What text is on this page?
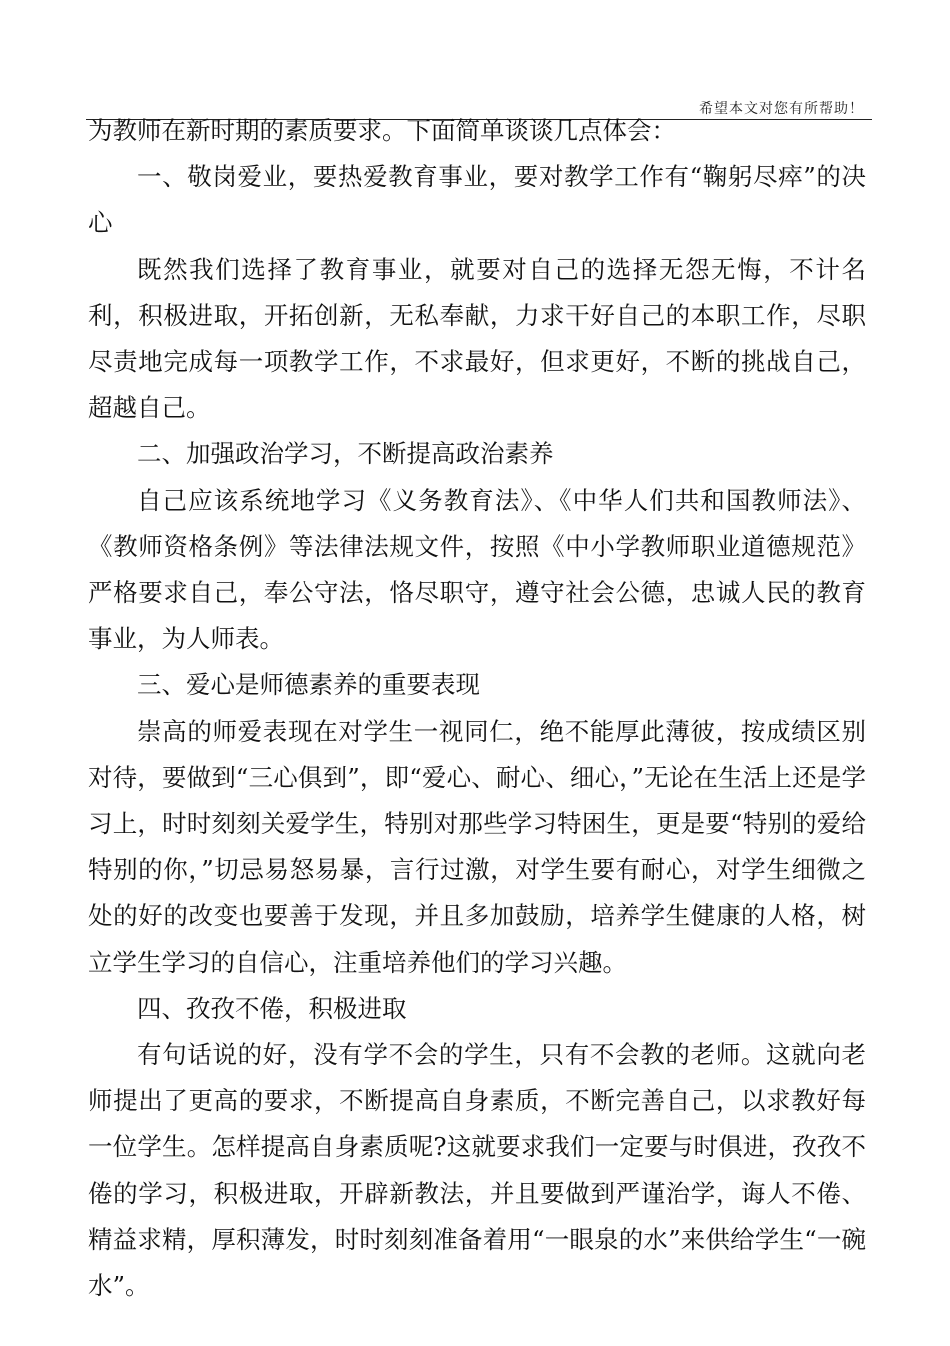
希望本文对您有所帮助！

为教师在新时期的素质要求。下面简单谈谈几点体会：

一、敬岗爱业，要热爱教育事业，要对教学工作有“鞠躬尽瘁”的决心

既然我们选择了教育事业，就要对自己的选择无怨无悔，不计名利，积极进取，开拓创新，无私奉献，力求干好自己的本职工作，尽职尽责地完成每一项教学工作，不求最好，但求更好，不断的挑战自己，超越自己。

二、加强政治学习，不断提高政治素养

自己应该系统地学习《义务教育法》、《中华人们共和国教师法》、《教师资格条例》等法律法规文件，按照《中小学教师职业道德规范》严格要求自己，奉公守法，恪尽职守，遵守社会公德，忠诚人民的教育事业，为人师表。

三、爱心是师德素养的重要表现

崇高的师爱表现在对学生一视同仁，绝不能厚此薄彼，按成绩区别对待，要做到“三心俱到”，即“爱心、耐心、细心，”无论在生活上还是学习上，时时刻刻关爱学生，特别对那些学习特困生，更是要“特别的爱给特别的你，”切忌易怒易暴，言行过激，对学生要有耐心，对学生细微之处的好的改变也要善于发现，并且多加鼓励，培养学生健康的人格，树立学生学习的自信心，注重培养他们的学习兴趣。

四、孜孜不倦，积极进取

有句话说的好，没有学不会的学生，只有不会教的老师。这就向老师提出了更高的要求，不断提高自身素质，不断完善自己，以求教好每一位学生。怎样提高自身素质呢?这就要求我们一定要与时俱进，孜孜不倦的学习，积极进取，开辟新教法，并且要做到严谨治学，诲人不倦、精益求精，厚积薄发，时时刻刻准备着用“一眼泉的水”来供给学生“一碗水”。
